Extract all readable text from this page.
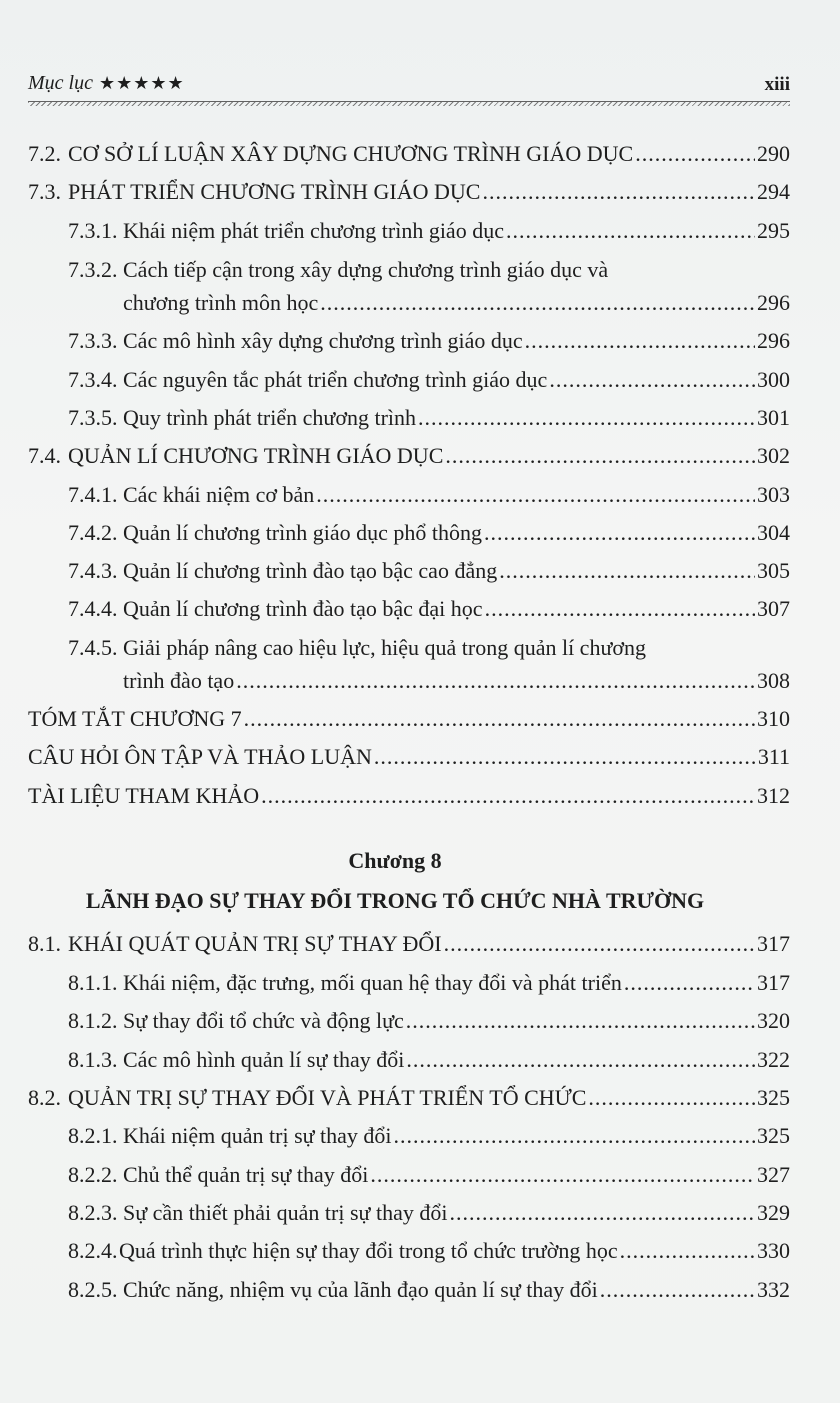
Mục lục ★★★★★	xiii
7.2. CƠ SỞ LÍ LUẬN XÂY DỰNG CHƯƠNG TRÌNH GIÁO DỤC .....	290
7.3. PHÁT TRIỂN CHƯƠNG TRÌNH GIÁO DỤC .....	294
7.3.1. Khái niệm phát triển chương trình giáo dục .....	295
7.3.2. Cách tiếp cận trong xây dựng chương trình giáo dục và
chương trình môn học .....	296
7.3.3. Các mô hình xây dựng chương trình giáo dục .....	296
7.3.4. Các nguyên tắc phát triển chương trình giáo dục .....	300
7.3.5. Quy trình phát triển chương trình .....	301
7.4. QUẢN LÍ CHƯƠNG TRÌNH GIÁO DỤC .....	302
7.4.1. Các khái niệm cơ bản .....	303
7.4.2. Quản lí chương trình giáo dục phổ thông .....	304
7.4.3. Quản lí chương trình đào tạo bậc cao đẳng .....	305
7.4.4. Quản lí chương trình đào tạo bậc đại học .....	307
7.4.5. Giải pháp nâng cao hiệu lực, hiệu quả trong quản lí chương
trình đào tạo .....	308
TÓM TẮT CHƯƠNG 7 .....	310
CÂU HỎI ÔN TẬP VÀ THẢO LUẬN .....	311
TÀI LIỆU THAM KHẢO .....	312
Chương 8
LÃNH ĐẠO SỰ THAY ĐỔI TRONG TỔ CHỨC NHÀ TRƯỜNG
8.1. KHÁI QUÁT QUẢN TRỊ SỰ THAY ĐỔI .....	317
8.1.1. Khái niệm, đặc trưng, mối quan hệ thay đổi và phát triển .....	317
8.1.2. Sự thay đổi tổ chức và động lực .....	320
8.1.3. Các mô hình quản lí sự thay đổi .....	322
8.2. QUẢN TRỊ SỰ THAY ĐỔI VÀ PHÁT TRIỂN TỔ CHỨC .....	325
8.2.1. Khái niệm quản trị sự thay đổi .....	325
8.2.2. Chủ thể quản trị sự thay đổi .....	327
8.2.3. Sự cần thiết phải quản trị sự thay đổi .....	329
8.2.4. Quá trình thực hiện sự thay đổi trong tổ chức trường học .....	330
8.2.5. Chức năng, nhiệm vụ của lãnh đạo quản lí sự thay đổi .....	332
